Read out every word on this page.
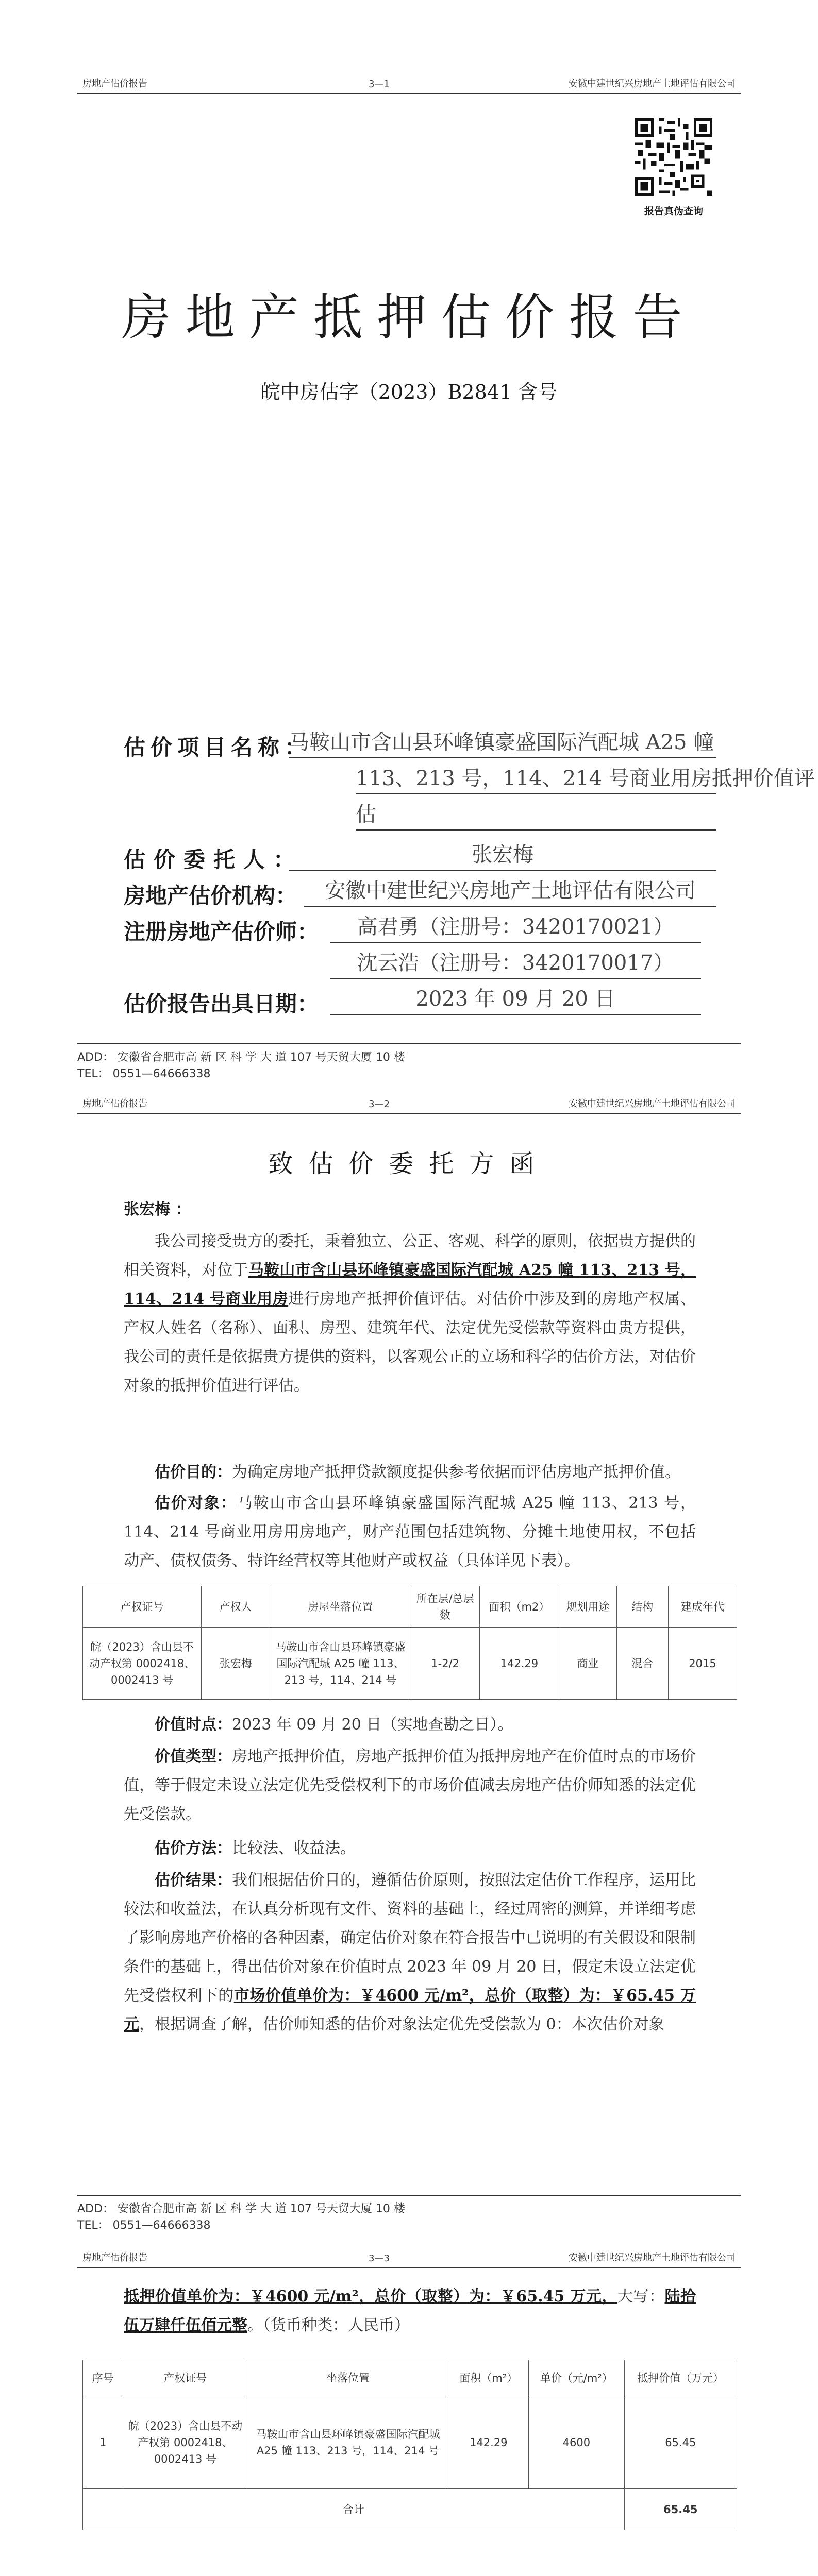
房地产估价报告	3—1	安徽中建世纪兴房地产土地评估有限公司
报告真伪查询
房地产抵押估价报告
皖中房估字（2023）B2841 含号
估价项目名称：
马鞍山市含山县环峰镇豪盛国际汽配城 A25 幢
113、213 号，114、214 号商业用房抵押价值评
估
估价委托人：	张宏梅
房地产估价机构：	安徽中建世纪兴房地产土地评估有限公司
注册房地产估价师：	高君勇（注册号：3420170021）
沈云浩（注册号：3420170017）
估价报告出具日期：	2023 年 09 月 20 日
ADD： 安徽省合肥市高 新 区 科 学 大 道 107 号天贸大厦 10 楼
TEL： 0551—64666338
房地产估价报告	3—2	安徽中建世纪兴房地产土地评估有限公司
致估价委托方函
张宏梅 ：
我公司接受贵方的委托，秉着独立、公正、客观、科学的原则，依据贵方提供的相关资料，对位于马鞍山市含山县环峰镇豪盛国际汽配城 A25 幢 113、213 号，114、214 号商业用房进行房地产抵押价值评估。对估价中涉及到的房地产权属、产权人姓名（名称）、面积、房型、建筑年代、法定优先受偿款等资料由贵方提供，我公司的责任是依据贵方提供的资料，以客观公正的立场和科学的估价方法，对估价对象的抵押价值进行评估。
估价目的：为确定房地产抵押贷款额度提供参考依据而评估房地产抵押价值。
估价对象：马鞍山市含山县环峰镇豪盛国际汽配城 A25 幢 113、213 号，114、214 号商业用房用房地产，财产范围包括建筑物、分摊土地使用权，不包括动产、债权债务、特许经营权等其他财产或权益（具体详见下表）。
产权证号	产权人	房屋坐落位置	所在层/总层数	面积（m2）	规划用途	结构	建成年代
皖（2023）含山县不动产权第 0002418、0002413 号	张宏梅	马鞍山市含山县环峰镇豪盛国际汽配城 A25 幢 113、213 号，114、214 号	1-2/2	142.29	商业	混合	2015
价值时点：2023 年 09 月 20 日（实地查勘之日）。
价值类型：房地产抵押价值，房地产抵押价值为抵押房地产在价值时点的市场价值，等于假定未设立法定优先受偿权利下的市场价值减去房地产估价师知悉的法定优先受偿款。
估价方法：比较法、收益法。
估价结果：我们根据估价目的，遵循估价原则，按照法定估价工作程序，运用比较法和收益法，在认真分析现有文件、资料的基础上，经过周密的测算，并详细考虑了影响房地产价格的各种因素，确定估价对象在符合报告中已说明的有关假设和限制条件的基础上，得出估价对象在价值时点 2023 年 09 月 20 日，假定未设立法定优先受偿权利下的市场价值单价为：￥4600 元/m²，总价（取整）为：￥65.45 万元，根据调查了解，估价师知悉的估价对象法定优先受偿款为 0：本次估价对象
ADD： 安徽省合肥市高 新 区 科 学 大 道 107 号天贸大厦 10 楼
TEL： 0551—64666338
房地产估价报告	3—3	安徽中建世纪兴房地产土地评估有限公司
抵押价值单价为：￥4600 元/m²，总价（取整）为：￥65.45 万元，大写：陆拾伍万肆仟伍佰元整。（货币种类：人民币）
序号	产权证号	坐落位置	面积（m²）	单价（元/m²）	抵押价值（万元）
1	皖（2023）含山县不动产权第 0002418、0002413 号	马鞍山市含山县环峰镇豪盛国际汽配城 A25 幢 113、213 号，114、214 号	142.29	4600	65.45
合计					65.45
